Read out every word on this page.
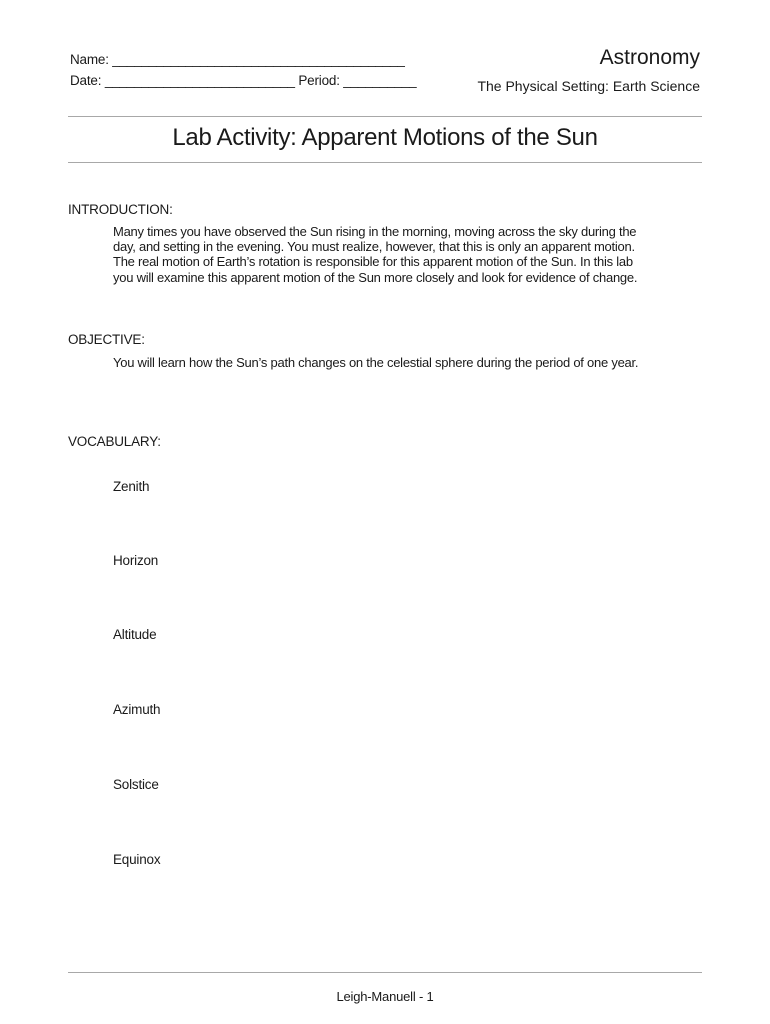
Name: ________________________________________
Date: __________________________ Period: __________
Astronomy
The Physical Setting: Earth Science
Lab Activity: Apparent Motions of the Sun
INTRODUCTION:
Many times you have observed the Sun rising in the morning, moving across the sky during the
day, and setting in the evening. You must realize, however, that this is only an apparent motion.
The real motion of Earth’s rotation is responsible for this apparent motion of the Sun. In this lab
you will examine this apparent motion of the Sun more closely and look for evidence of change.
OBJECTIVE:
You will learn how the Sun’s path changes on the celestial sphere during the period of one year.
VOCABULARY:
Zenith
Horizon
Altitude
Azimuth
Solstice
Equinox
Leigh-Manuell - 1
